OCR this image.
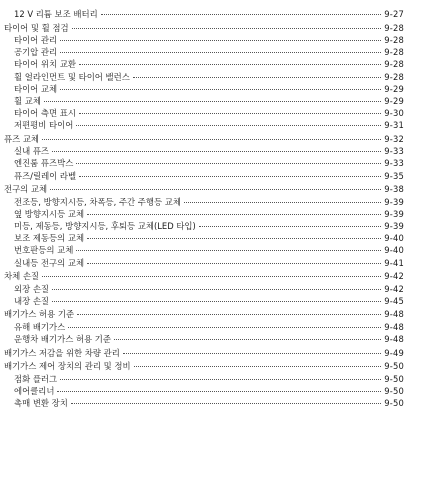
12 V 리튬 보조 배터리	9-27
타이어 및 휠 점검	9-28
타이어 관리	9-28
공기압 관리	9-28
타이어 위치 교환	9-28
휠 얼라인먼트 및 타이어 밸런스	9-28
타이어 교체	9-29
휠 교체	9-29
타이어 측면 표시	9-30
저편평비 타이어	9-31
퓨즈 교체	9-32
실내 퓨즈	9-33
엔진룸 퓨즈박스	9-33
퓨즈/릴레이 라벨	9-35
전구의 교체	9-38
전조등, 방향지시등, 차폭등, 주간 주행등 교체	9-39
옆 방향지시등 교체	9-39
미등, 제동등, 방향지시등, 후퇴등 교체(LED 타입)	9-39
보조 제동등의 교체	9-40
번호판등의 교체	9-40
실내등 전구의 교체	9-41
차체 손질	9-42
외장 손질	9-42
내장 손질	9-45
배기가스 허용 기준	9-48
유해 배기가스	9-48
운행차 배기가스 허용 기준	9-48
배기가스 저감을 위한 차량 관리	9-49
배기가스 제어 장치의 관리 및 정비	9-50
점화 플러그	9-50
에어클리너	9-50
촉매 변환 장치	9-50
